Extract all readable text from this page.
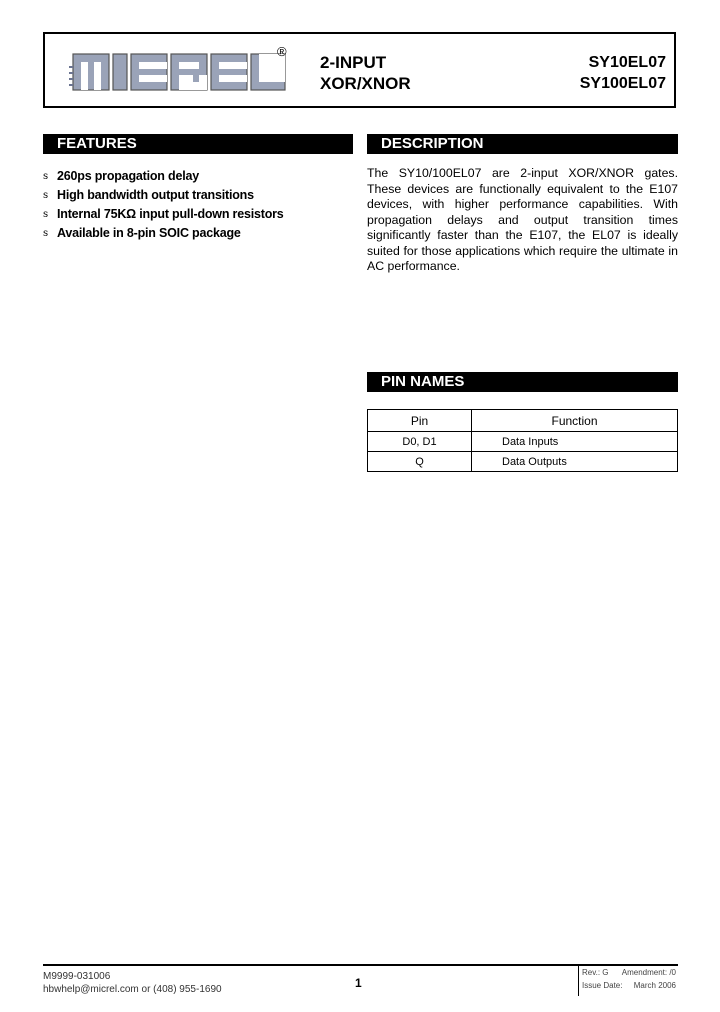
®
2-INPUT
XOR/XNOR
SY10EL07
SY100EL07
FEATURES
s 260ps propagation delay
s High bandwidth output transitions
s Internal 75KΩ input pull-down resistors
s Available in 8-pin SOIC package
DESCRIPTION

The SY10/100EL07 are 2-input XOR/XNOR gates. These devices are functionally equivalent to the E107 devices, with higher performance capabilities. With propagation delays and output transition times significantly faster than the E107, the EL07 is ideally suited for those applications which require the ultimate in AC performance.

PIN NAMES
Pin	Function
D0, D1	Data Inputs
Q	Data Outputs
M9999-031006
hbwhelp@micrel.com or (408) 955-1690	1
Rev.: G Amendment: /0
Issue Date: March 2006
